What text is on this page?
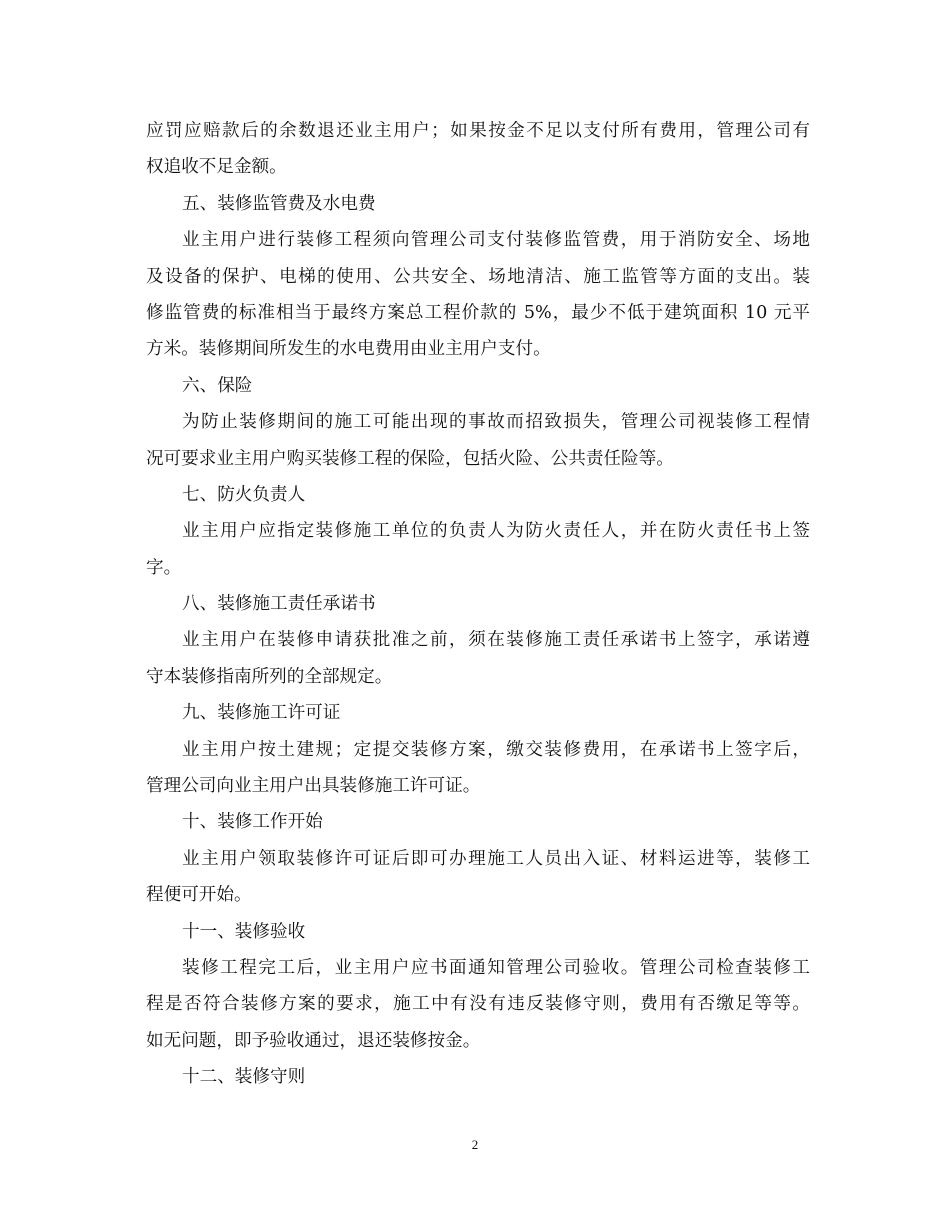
应罚应赔款后的余数退还业主用户；如果按金不足以支付所有费用，管理公司有
权追收不足金额。
五、装修监管费及水电费
业主用户进行装修工程须向管理公司支付装修监管费，用于消防安全、场地
及设备的保护、电梯的使用、公共安全、场地清洁、施工监管等方面的支出。装
修监管费的标准相当于最终方案总工程价款的 5%，最少不低于建筑面积 10 元平
方米。装修期间所发生的水电费用由业主用户支付。
六、保险
为防止装修期间的施工可能出现的事故而招致损失，管理公司视装修工程情
况可要求业主用户购买装修工程的保险，包括火险、公共责任险等。
七、防火负责人
业主用户应指定装修施工单位的负责人为防火责任人，并在防火责任书上签
字。
八、装修施工责任承诺书
业主用户在装修申请获批准之前，须在装修施工责任承诺书上签字，承诺遵
守本装修指南所列的全部规定。
九、装修施工许可证
业主用户按土建规；定提交装修方案，缴交装修费用，在承诺书上签字后，
管理公司向业主用户出具装修施工许可证。
十、装修工作开始
业主用户领取装修许可证后即可办理施工人员出入证、材料运进等，装修工
程便可开始。
十一、装修验收
装修工程完工后，业主用户应书面通知管理公司验收。管理公司检查装修工
程是否符合装修方案的要求，施工中有没有违反装修守则，费用有否缴足等等。
如无问题，即予验收通过，退还装修按金。
十二、装修守则
2
